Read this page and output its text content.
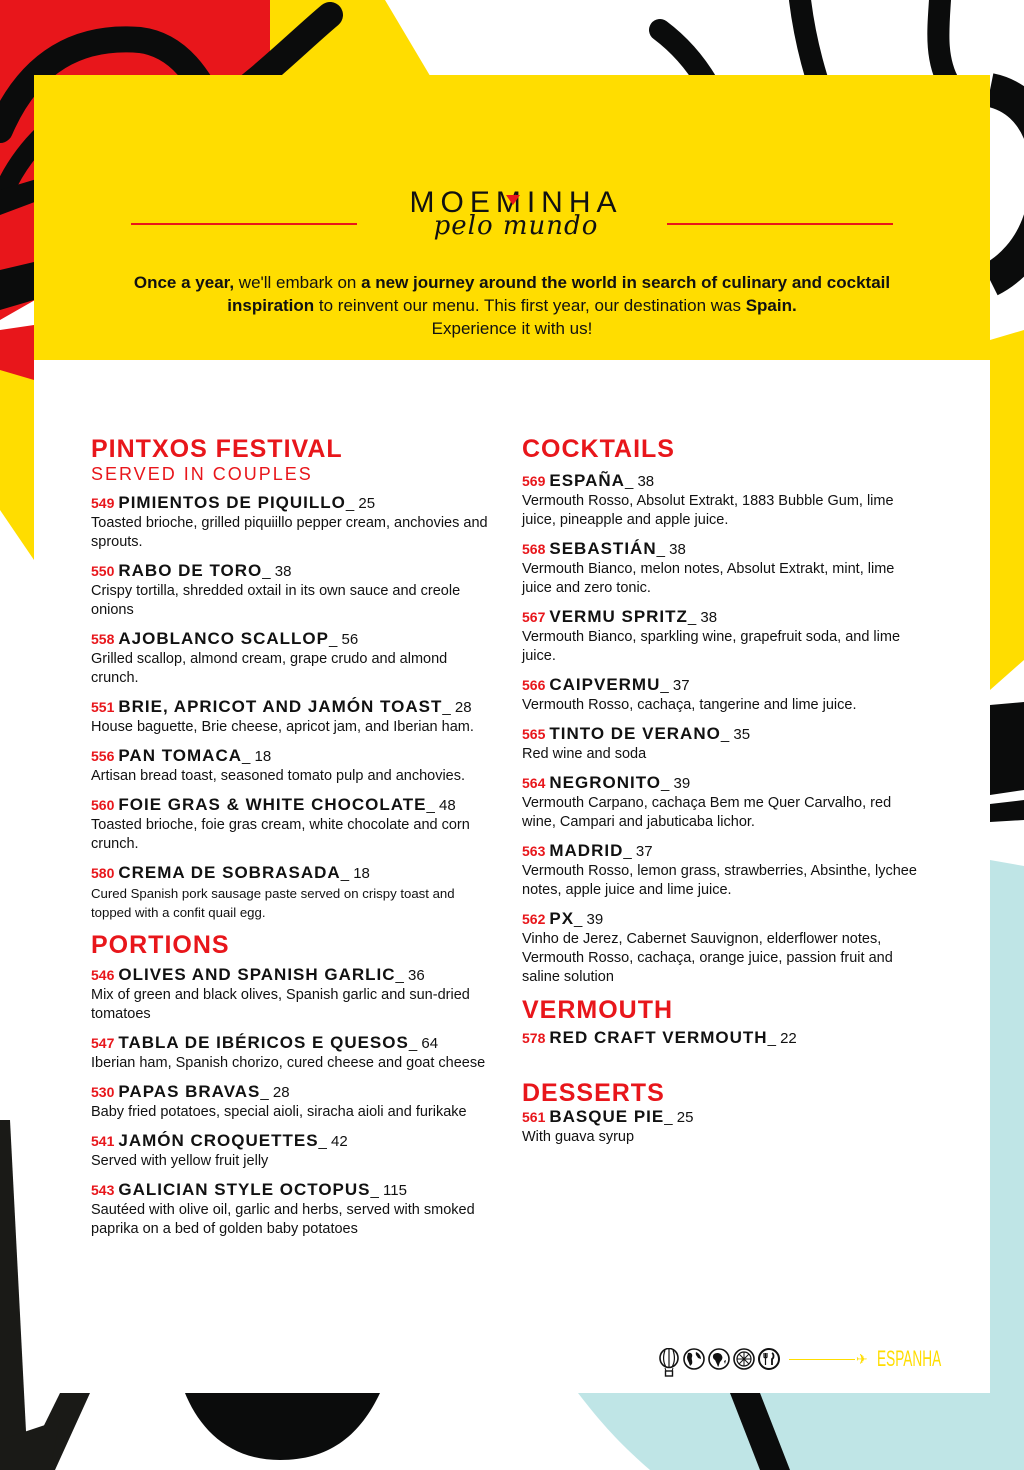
MOEMINHA
pelo mundo

Once a year, we'll embark on a new journey around the world in search of culinary and cocktail inspiration to reinvent our menu. This first year, our destination was Spain.
Experience it with us!

PINTXOS FESTIVAL
SERVED IN COUPLES
549 PIMIENTOS DE PIQUILLO_ 25
Toasted brioche, grilled piquiillo pepper cream, anchovies and sprouts.
550 RABO DE TORO_ 38
Crispy tortilla, shredded oxtail in its own sauce and creole onions
558 AJOBLANCO SCALLOP_ 56
Grilled scallop, almond cream, grape crudo and almond crunch.
551 BRIE, APRICOT AND JAMÓN TOAST_ 28
House baguette, Brie cheese, apricot jam, and Iberian ham.
556 PAN TOMACA_ 18
Artisan bread toast, seasoned tomato pulp and anchovies.
560 FOIE GRAS & WHITE CHOCOLATE_ 48
Toasted brioche, foie gras cream, white chocolate and corn crunch.
580 CREMA DE SOBRASADA_ 18
Cured Spanish pork sausage paste served on crispy toast and topped with a confit quail egg.
PORTIONS
546 OLIVES AND SPANISH GARLIC_ 36
Mix of green and black olives, Spanish garlic and sun-dried tomatoes
547 TABLA DE IBÉRICOS E QUESOS_ 64
Iberian ham, Spanish chorizo, cured cheese and goat cheese
530 PAPAS BRAVAS_ 28
Baby fried potatoes, special aioli, siracha aioli and furikake
541 JAMÓN CROQUETTES_ 42
Served with yellow fruit jelly
543 GALICIAN STYLE OCTOPUS_ 115
Sautéed with olive oil, garlic and herbs, served with smoked paprika on a bed of golden baby potatoes
COCKTAILS
569 ESPAÑA_ 38
Vermouth Rosso, Absolut Extrakt, 1883 Bubble Gum, lime juice, pineapple and apple juice.
568 SEBASTIÁN_ 38
Vermouth Bianco, melon notes, Absolut Extrakt, mint, lime juice and zero tonic.
567 VERMU SPRITZ_ 38
Vermouth Bianco, sparkling wine, grapefruit soda, and lime juice.
566 CAIPVERMU_ 37
Vermouth Rosso, cachaça, tangerine and lime juice.
565 TINTO DE VERANO_ 35
Red wine and soda
564 NEGRONITO_ 39
Vermouth Carpano, cachaça Bem me Quer Carvalho, red wine, Campari and jabuticaba lichor.
563 MADRID_ 37
Vermouth Rosso, lemon grass, strawberries, Absinthe, lychee notes, apple juice and lime juice.
562 PX_ 39
Vinho de Jerez, Cabernet Sauvignon, elderflower notes, Vermouth Rosso, cachaça, orange juice, passion fruit and saline solution
VERMOUTH
578 RED CRAFT VERMOUTH_ 22
DESSERTS
561 BASQUE PIE_ 25
With guava syrup
✈ ESPANHA
